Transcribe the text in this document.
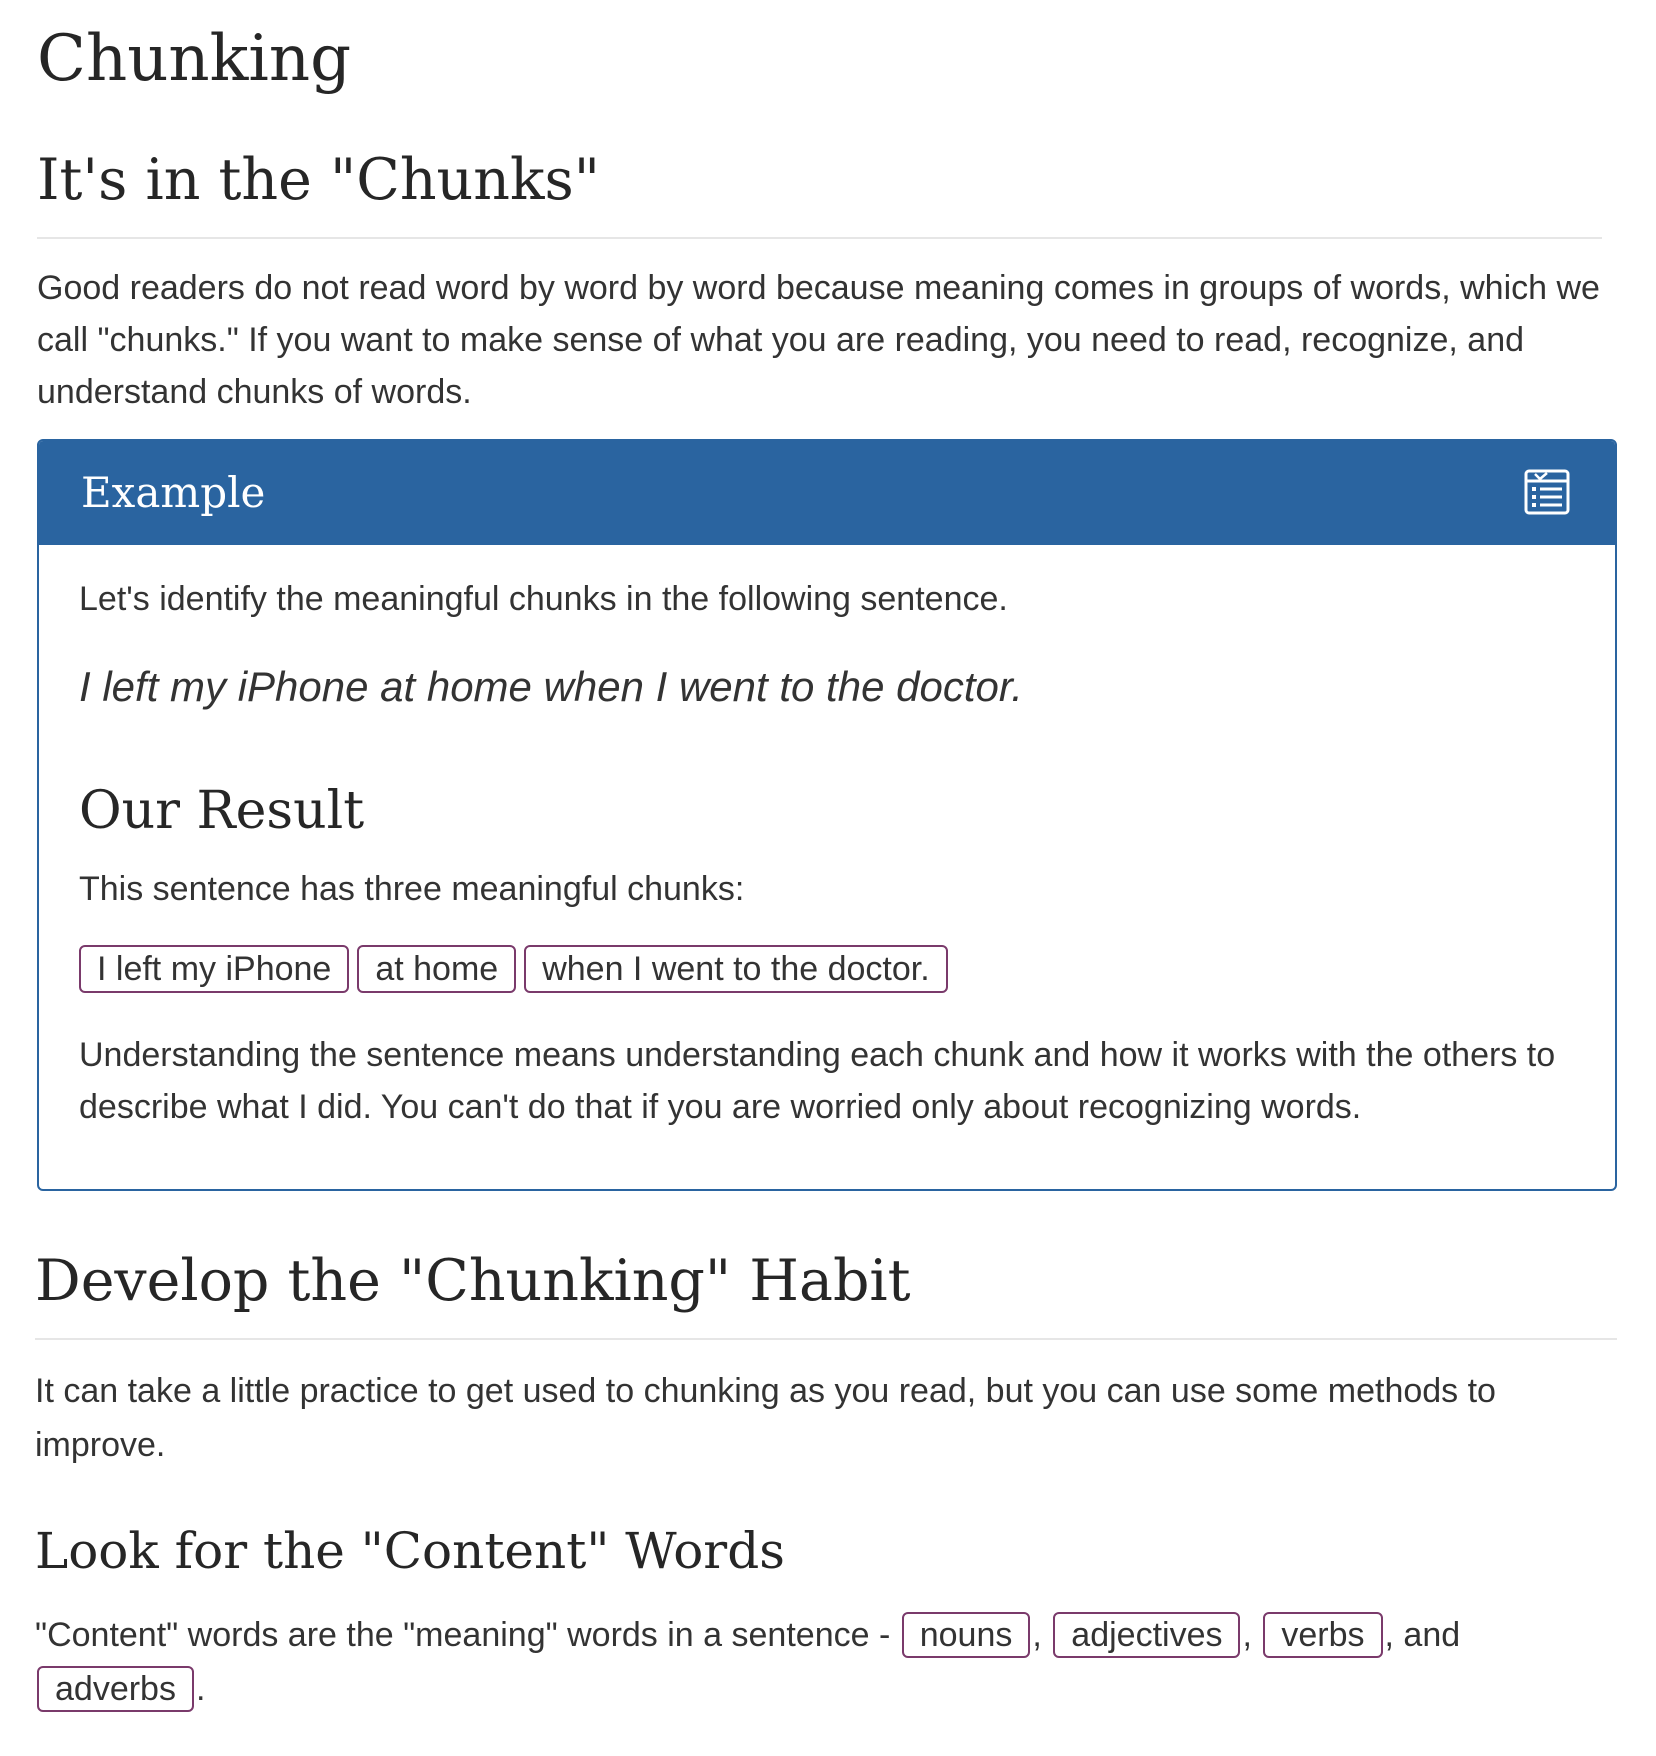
Chunking
It's in the "Chunks"

Good readers do not read word by word by word because meaning comes in groups of words, which we call "chunks." If you want to make sense of what you are reading, you need to read, recognize, and understand chunks of words.

Example

Let's identify the meaningful chunks in the following sentence.

I left my iPhone at home when I went to the doctor.

Our Result

This sentence has three meaningful chunks:

I left my iPhone	at home	when I went to the doctor.

Understanding the sentence means understanding each chunk and how it works with the others to describe what I did. You can't do that if you are worried only about recognizing words.

Develop the "Chunking" Habit

It can take a little practice to get used to chunking as you read, but you can use some methods to improve.

Look for the "Content" Words

"Content" words are the "meaning" words in a sentence - nouns , adjectives , verbs , and adverbs .
